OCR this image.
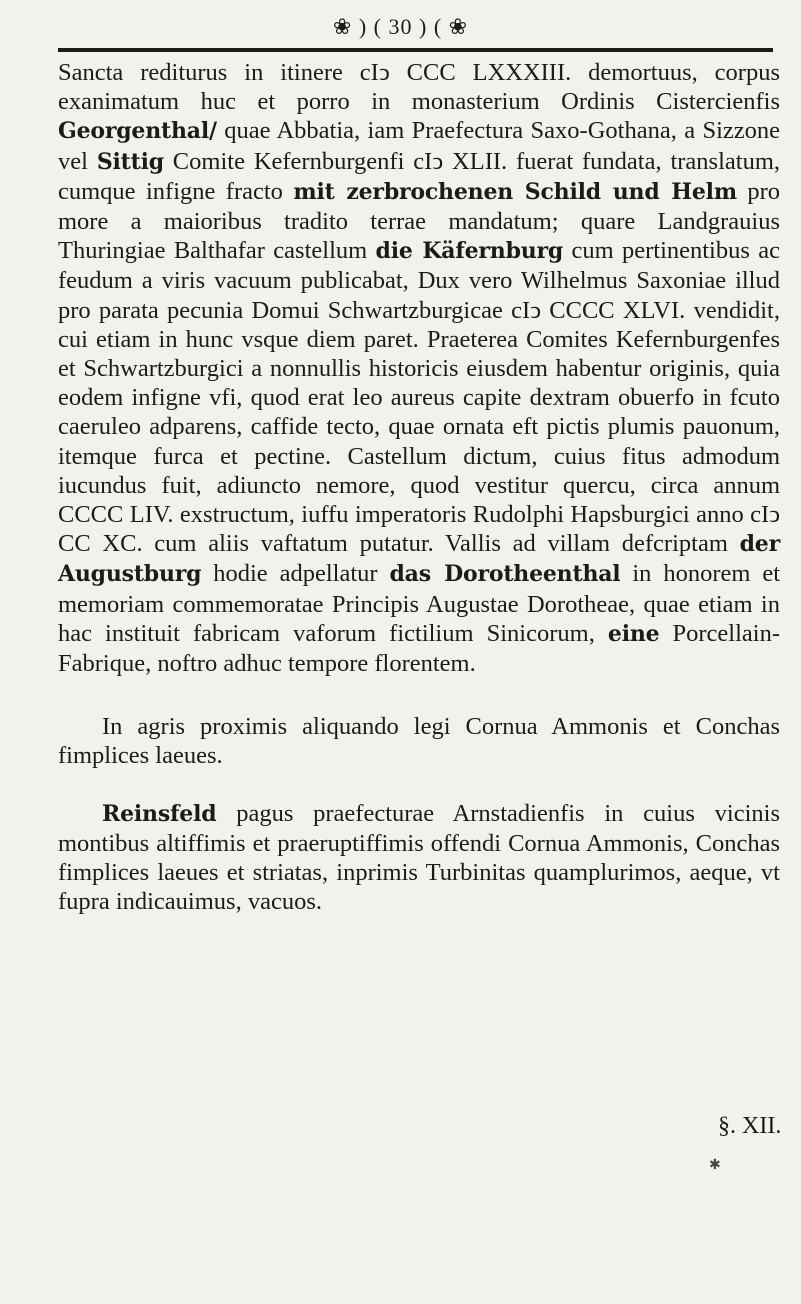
❀ ) ( 30 ) ( ❀

Sancta rediturus in itinere cIↄ CCC LXXXIII. demortuus, corpus exanimatum huc et porro in monasterium Ordinis Cistercienfis Georgenthal/ quae Abbatia, iam Praefectura Saxo-Gothana, a Sizzone vel Sittig Comite Kefernburgenfi cIↄ XLII. fuerat fundata, translatum, cumque infigne fracto mit zerbrochenen Schild und Helm pro more a maioribus tradito terrae mandatum; quare Landgrauius Thuringiae Balthafar castellum die Käfernburg cum pertinentibus ac feudum a viris vacuum publicabat, Dux vero Wilhelmus Saxoniae illud pro parata pecunia Domui Schwartzburgicae cIↄ CCCC XLVI. vendidit, cui etiam in hunc vsque diem paret. Praeterea Comites Kefernburgenfes et Schwartzburgici a nonnullis historicis eiusdem habentur originis, quia eodem infigne vfi, quod erat leo aureus capite dextram obuerfo in fcuto caeruleo adparens, caffide tecto, quae ornata eft pictis plumis pauonum, itemque furca et pectine. Castellum dictum, cuius fitus admodum iucundus fuit, adiuncto nemore, quod vestitur quercu, circa annum CCCC LIV. exstructum, iuffu imperatoris Rudolphi Hapsburgici anno cIↄ CC XC. cum aliis vaftatum putatur. Vallis ad villam defcriptam der Augustburg hodie adpellatur das Dorotheenthal in honorem et memoriam commemoratae Principis Augustae Dorotheae, quae etiam in hac instituit fabricam vaforum fictilium Sinicorum, eine Porcellain-Fabrique, noftro adhuc tempore florentem.

In agris proximis aliquando legi Cornua Ammonis et Conchas fimplices laeues.

Reinsfeld pagus praefecturae Arnstadienfis in cuius vicinis montibus altiffimis et praeruptiffimis offendi Cornua Ammonis, Conchas fimplices laeues et striatas, inprimis Turbinitas quamplurimos, aeque, vt fupra indicauimus, vacuos.

§. XII.
✱
